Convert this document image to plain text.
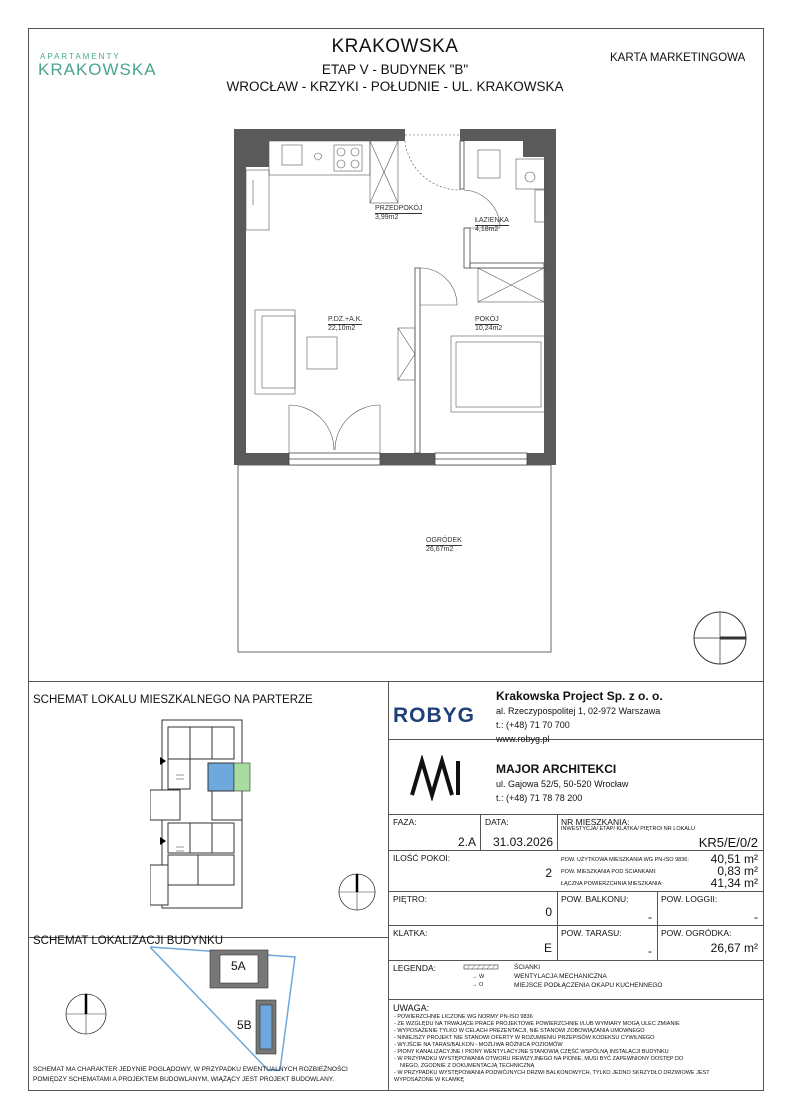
APARTAMENTY
KRAKOWSKA
KRAKOWSKA
ETAP V - BUDYNEK "B"
WROCŁAW - KRZYKI - POŁUDNIE - UL. KRAKOWSKA
KARTA MARKETINGOWA
PRZEDPOKÓJ
3,99m2	ŁAZIENKA
4,18m2
P.DZ.+A.K.
22,10m2
POKÓJ
10,24m2
OGRÓDEK
26,67m2
SCHEMAT LOKALU MIESZKALNEGO NA PARTERZE
SCHEMAT LOKALIZACJI BUDYNKU
5A
5B
SCHEMAT MA CHARAKTER JEDYNIE POGLĄDOWY, W PRZYPADKU EWENTUALNYCH ROZBIEŻNOŚCI
POMIĘDZY SCHEMATAMI A PROJEKTEM BUDOWLANYM, WIĄŻĄCY JEST PROJEKT BUDOWLANY.
ROBYG
Krakowska Project Sp. z o. o.
al. Rzeczypospolitej 1, 02-972 Warszawa
t.: (+48) 71 70 700
www.robyg.pl
MAJOR ARCHITEKCI
ul. Gajowa 52/5, 50-520 Wrocław
t.: (+48) 71 78 78 200
FAZA:
2.A
DATA:
31.03.2026
NR MIESZKANIA:
INWESTYCJA/ ETAP/ KLATKA/ PIĘTRO/ NR LOKALU
KR5/E/0/2
ILOŚĆ POKOI:
2
POW. UŻYTKOWA MIESZKANIA WG PN-ISO 9836:	40,51 m²
POW. MIESZKANIA POD ŚCIANKAMI:	0,83 m²
ŁĄCZNA POWIERZCHNIA MIESZKANIA:	41,34 m²
PIĘTRO:
0
POW. BALKONU:
-
POW. LOGGII:
-
KLATKA:
E
POW. TARASU:
-
POW. OGRÓDKA:
26,67 m²
LEGENDA:
→ W
→ O
ŚCIANKI
WENTYLACJA MECHANICZNA
MIEJSCE PODŁĄCZENIA OKAPU KUCHENNEGO
UWAGA:
- POWIERZCHNIE LICZONE WG NORMY PN-ISO 9836
- ZE WZGLĘDU NA TRWAJĄCE PRACE PROJEKTOWE POWIERZCHNIE I/LUB WYMIARY MOGĄ ULEC ZMIANIE
- WYPOSAŻENIE TYLKO W CELACH PREZENTACJI, NIE STANOWI ZOBOWIĄZANIA UMOWNEGO
- NINIEJSZY PROJEKT NIE STANOWI OFERTY W ROZUMIENIU PRZEPISÓW KODEKSU CYWILNEGO
- WYJŚCIE NA TARAS/BALKON - MOŻLIWA RÓŻNICA POZIOMÓW
- PIONY KANALIZACYJNE I PIONY WENTYLACYJNE STANOWIĄ CZĘŚĆ WSPÓLNĄ INSTALACJI BUDYNKU
- W PRZYPADKU WYSTĘPOWANIA OTWORU REWIZYJNEGO NA PIONIE, MUSI BYĆ ZAPEWNIONY DOSTĘP DO
NIEGO, ZGODNIE Z DOKUMENTACJĄ TECHNICZNĄ
- W PRZYPADKU WYSTĘPOWANIA PODWÓJNYCH DRZWI BALKONOWYCH, TYLKO JEDNO SKRZYDŁO DRZWIOWE JEST
WYPOSAŻONE W KLAMKĘ
